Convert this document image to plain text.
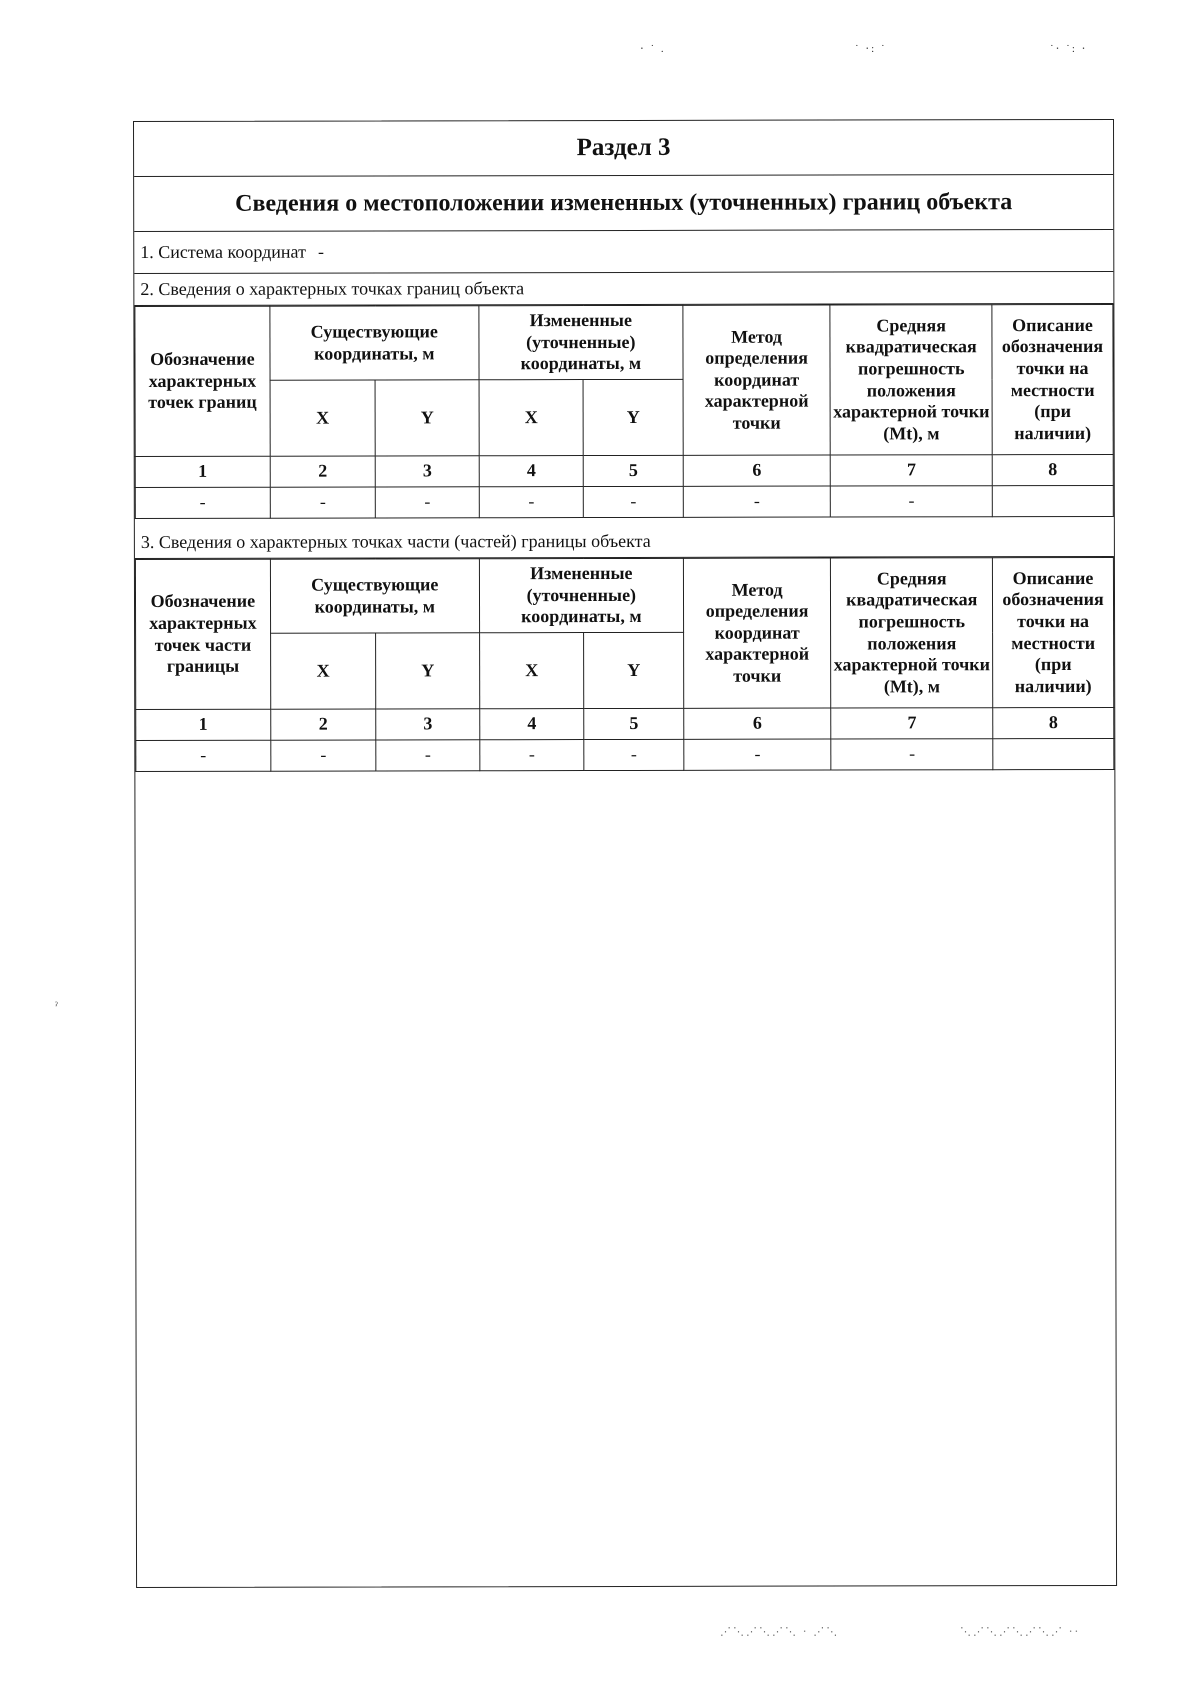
Раздел 3
Сведения о местоположении измененных (уточненных) границ объекта
1. Система координат -
2. Сведения о характерных точках границ объекта
Обозначение характерных точек границ	Существующие координаты, м		Измененные (уточненные) координаты, м		Метод определения координат характерной точки	Средняя квадратическая погрешность положения характерной точки (Mt), м	Описание обозначения точки на местности (при наличии)
	X	Y	X	Y			
1	2	3	4	5	6	7	8
-	-	-	-	-	-	-	
3. Сведения о характерных точках части (частей) границы объекта
Обозначение характерных точек части границы	Существующие координаты, м		Измененные (уточненные) координаты, м		Метод определения координат характерной точки	Средняя квадратическая погрешность положения характерной точки (Mt), м	Описание обозначения точки на местности (при наличии)
	X	Y	X	Y			
1	2	3	4	5	6	7	8
-	-	-	-	-	-	-	
⋅ ˙ .	˙ ⋅: ˙	˙⋅ ˙: ⋅
ˀ
⋰⋱⋰⋱⋰⋱ ⋅ ⋰⋱	⋱⋰⋱⋰⋱⋰⋱⋰ ⋅⋅
